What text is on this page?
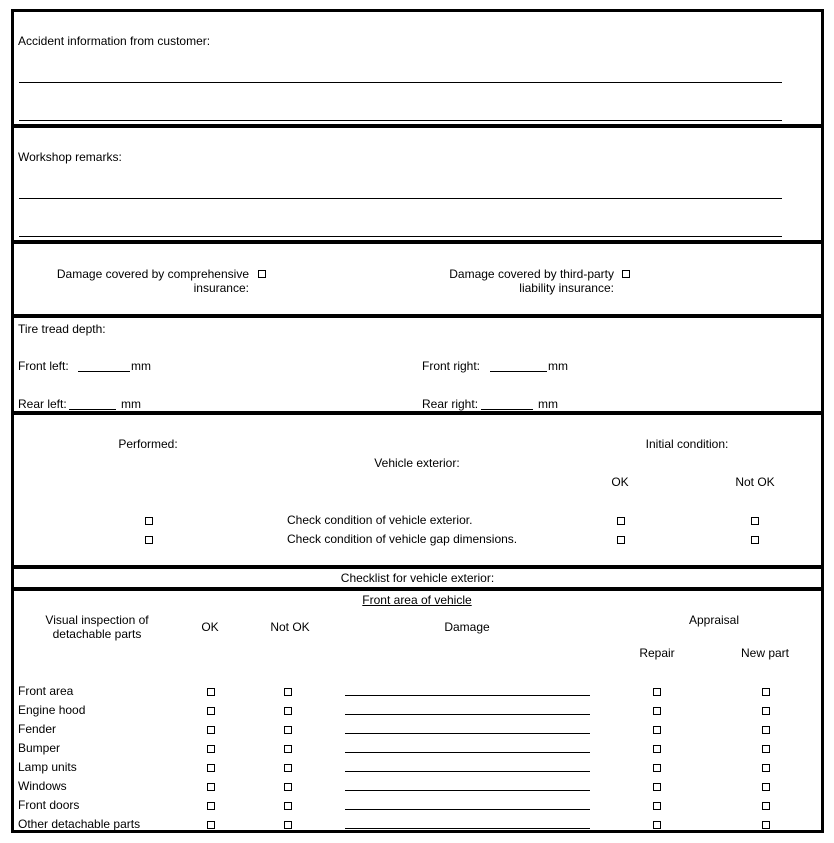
Accident information from customer:
Workshop remarks:
Damage covered by comprehensive
insurance:
Damage covered by third-party
liability insurance:
Tire tread depth:
Front left:	mm	Front right:	mm
Rear left:	mm	Rear right:	mm
Performed:
Vehicle exterior:
Initial condition:
OK	Not OK
Check condition of vehicle exterior.
Check condition of vehicle gap dimensions.
Checklist for vehicle exterior:
Front area of vehicle
Visual inspection of
detachable parts	OK	Not OK	Damage	Appraisal
Repair	New part
Front area
Engine hood
Fender
Bumper
Lamp units
Windows
Front doors
Other detachable parts
